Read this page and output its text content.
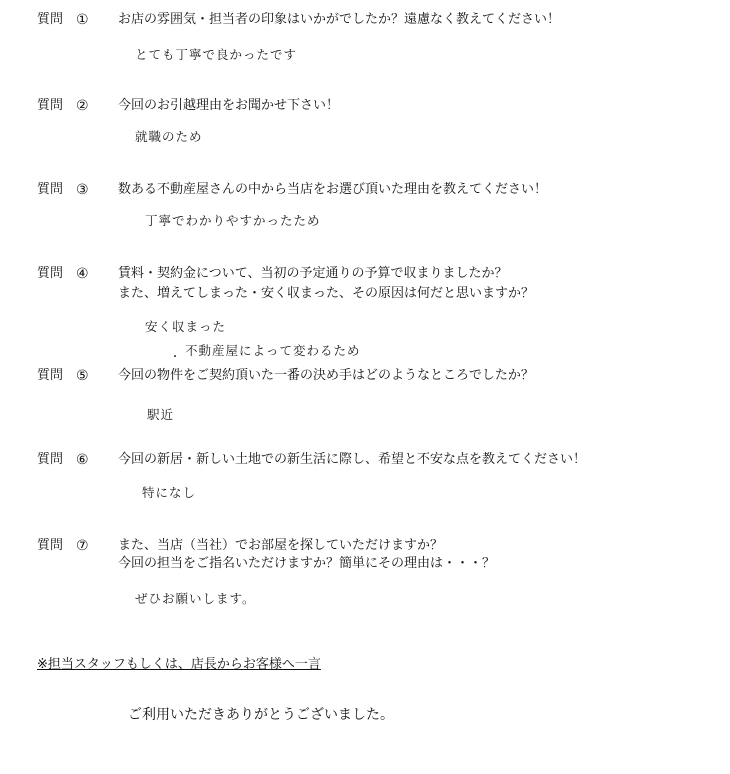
質問 ① お店の雰囲気・担当者の印象はいかがでしたか？遠慮なく教えてください！
とても丁寧で良かったです
質問 ② 今回のお引越理由をお聞かせ下さい！
就職のため
質問 ③ 数ある不動産屋さんの中から当店をお選び頂いた理由を教えてください！
丁寧でわかりやすかったため
質問 ④ 賃料・契約金について、当初の予定通りの予算で収まりましたか？
また、増えてしまった・安く収まった、その原因は何だと思いますか？
安く収まった
・ 不動産屋によって変わるため
質問 ⑤ 今回の物件をご契約頂いた一番の決め手はどのようなところでしたか？
駅近
質問 ⑥ 今回の新居・新しい土地での新生活に際し、希望と不安な点を教えてください！
特になし
質問 ⑦ また、当店（当社）でお部屋を探していただけますか？
今回の担当をご指名いただけますか？簡単にその理由は・・・？
ぜひお願いします。
※担当スタッフもしくは、店長からお客様へ一言
ご利用いただきありがとうございました。
